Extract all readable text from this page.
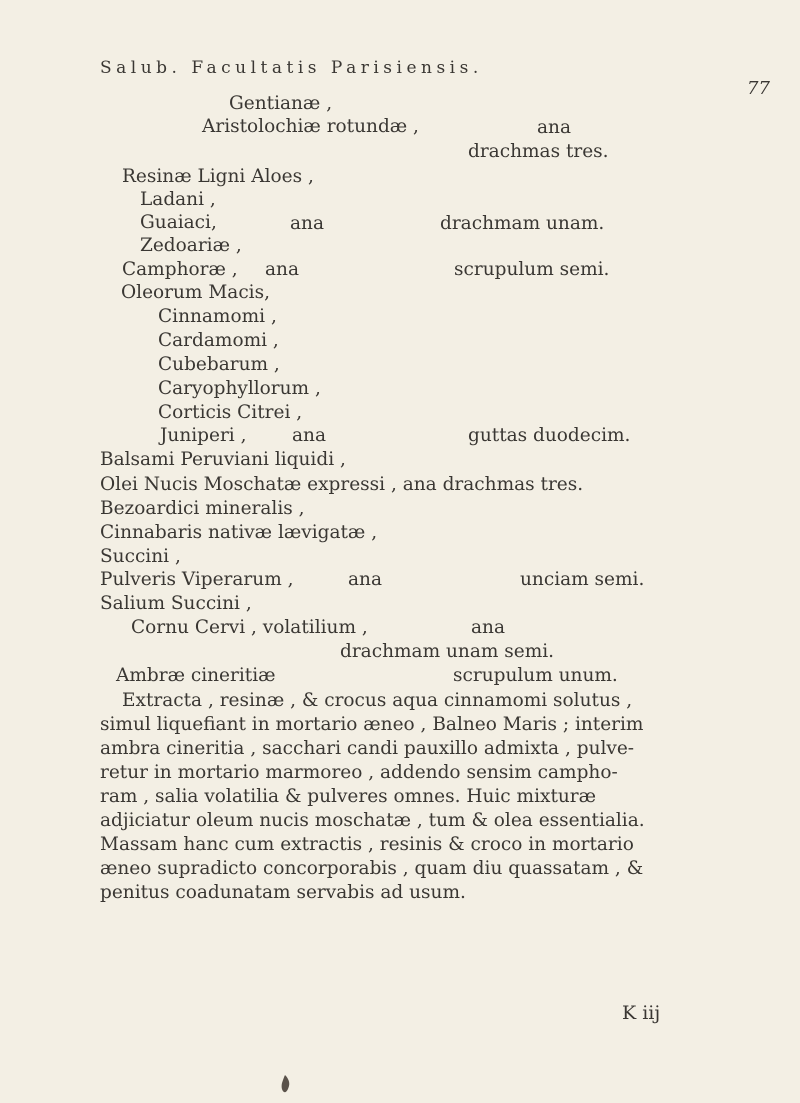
Salub. Facultatis Parisiensis.
77
Gentianæ ,
Aristolochiæ rotundæ ,	ana
drachmas tres.
Resinæ Ligni Aloes ,
Ladani ,
Guaiaci,	ana	drachmam unam.
Zedoariæ ,
Camphoræ , ana	scrupulum semi.
Oleorum Macis,
Cinnamomi ,
Cardamomi ,
Cubebarum ,
Caryophyllorum ,
Corticis Citrei ,
Juniperi , ana	guttas duodecim.
Balsami Peruviani liquidi ,
Olei Nucis Moschatæ expressi , ana drachmas tres.
Bezoardici mineralis ,
Cinnabaris nativæ lævigatæ ,
Succini ,
Pulveris Viperarum ,	ana	unciam semi.
Salium Succini ,
Cornu Cervi , volatilium ,	ana
drachmam unam semi.
Ambræ cineritiæ	scrupulum unum.
Extracta , resinæ , & crocus aqua cinnamomi solutus ,
simul liquefiant in mortario æneo , Balneo Maris ; interim
ambra cineritia , sacchari candi pauxillo admixta , pulve-
retur in mortario marmoreo , addendo sensim campho-
ram , salia volatilia & pulveres omnes. Huic mixturæ
adjiciatur oleum nucis moschatæ , tum & olea essentialia.
Massam hanc cum extractis , resinis & croco in mortario
æneo supradicto concorporabis , quam diu quassatam , &
penitus coadunatam servabis ad usum.
K iij
